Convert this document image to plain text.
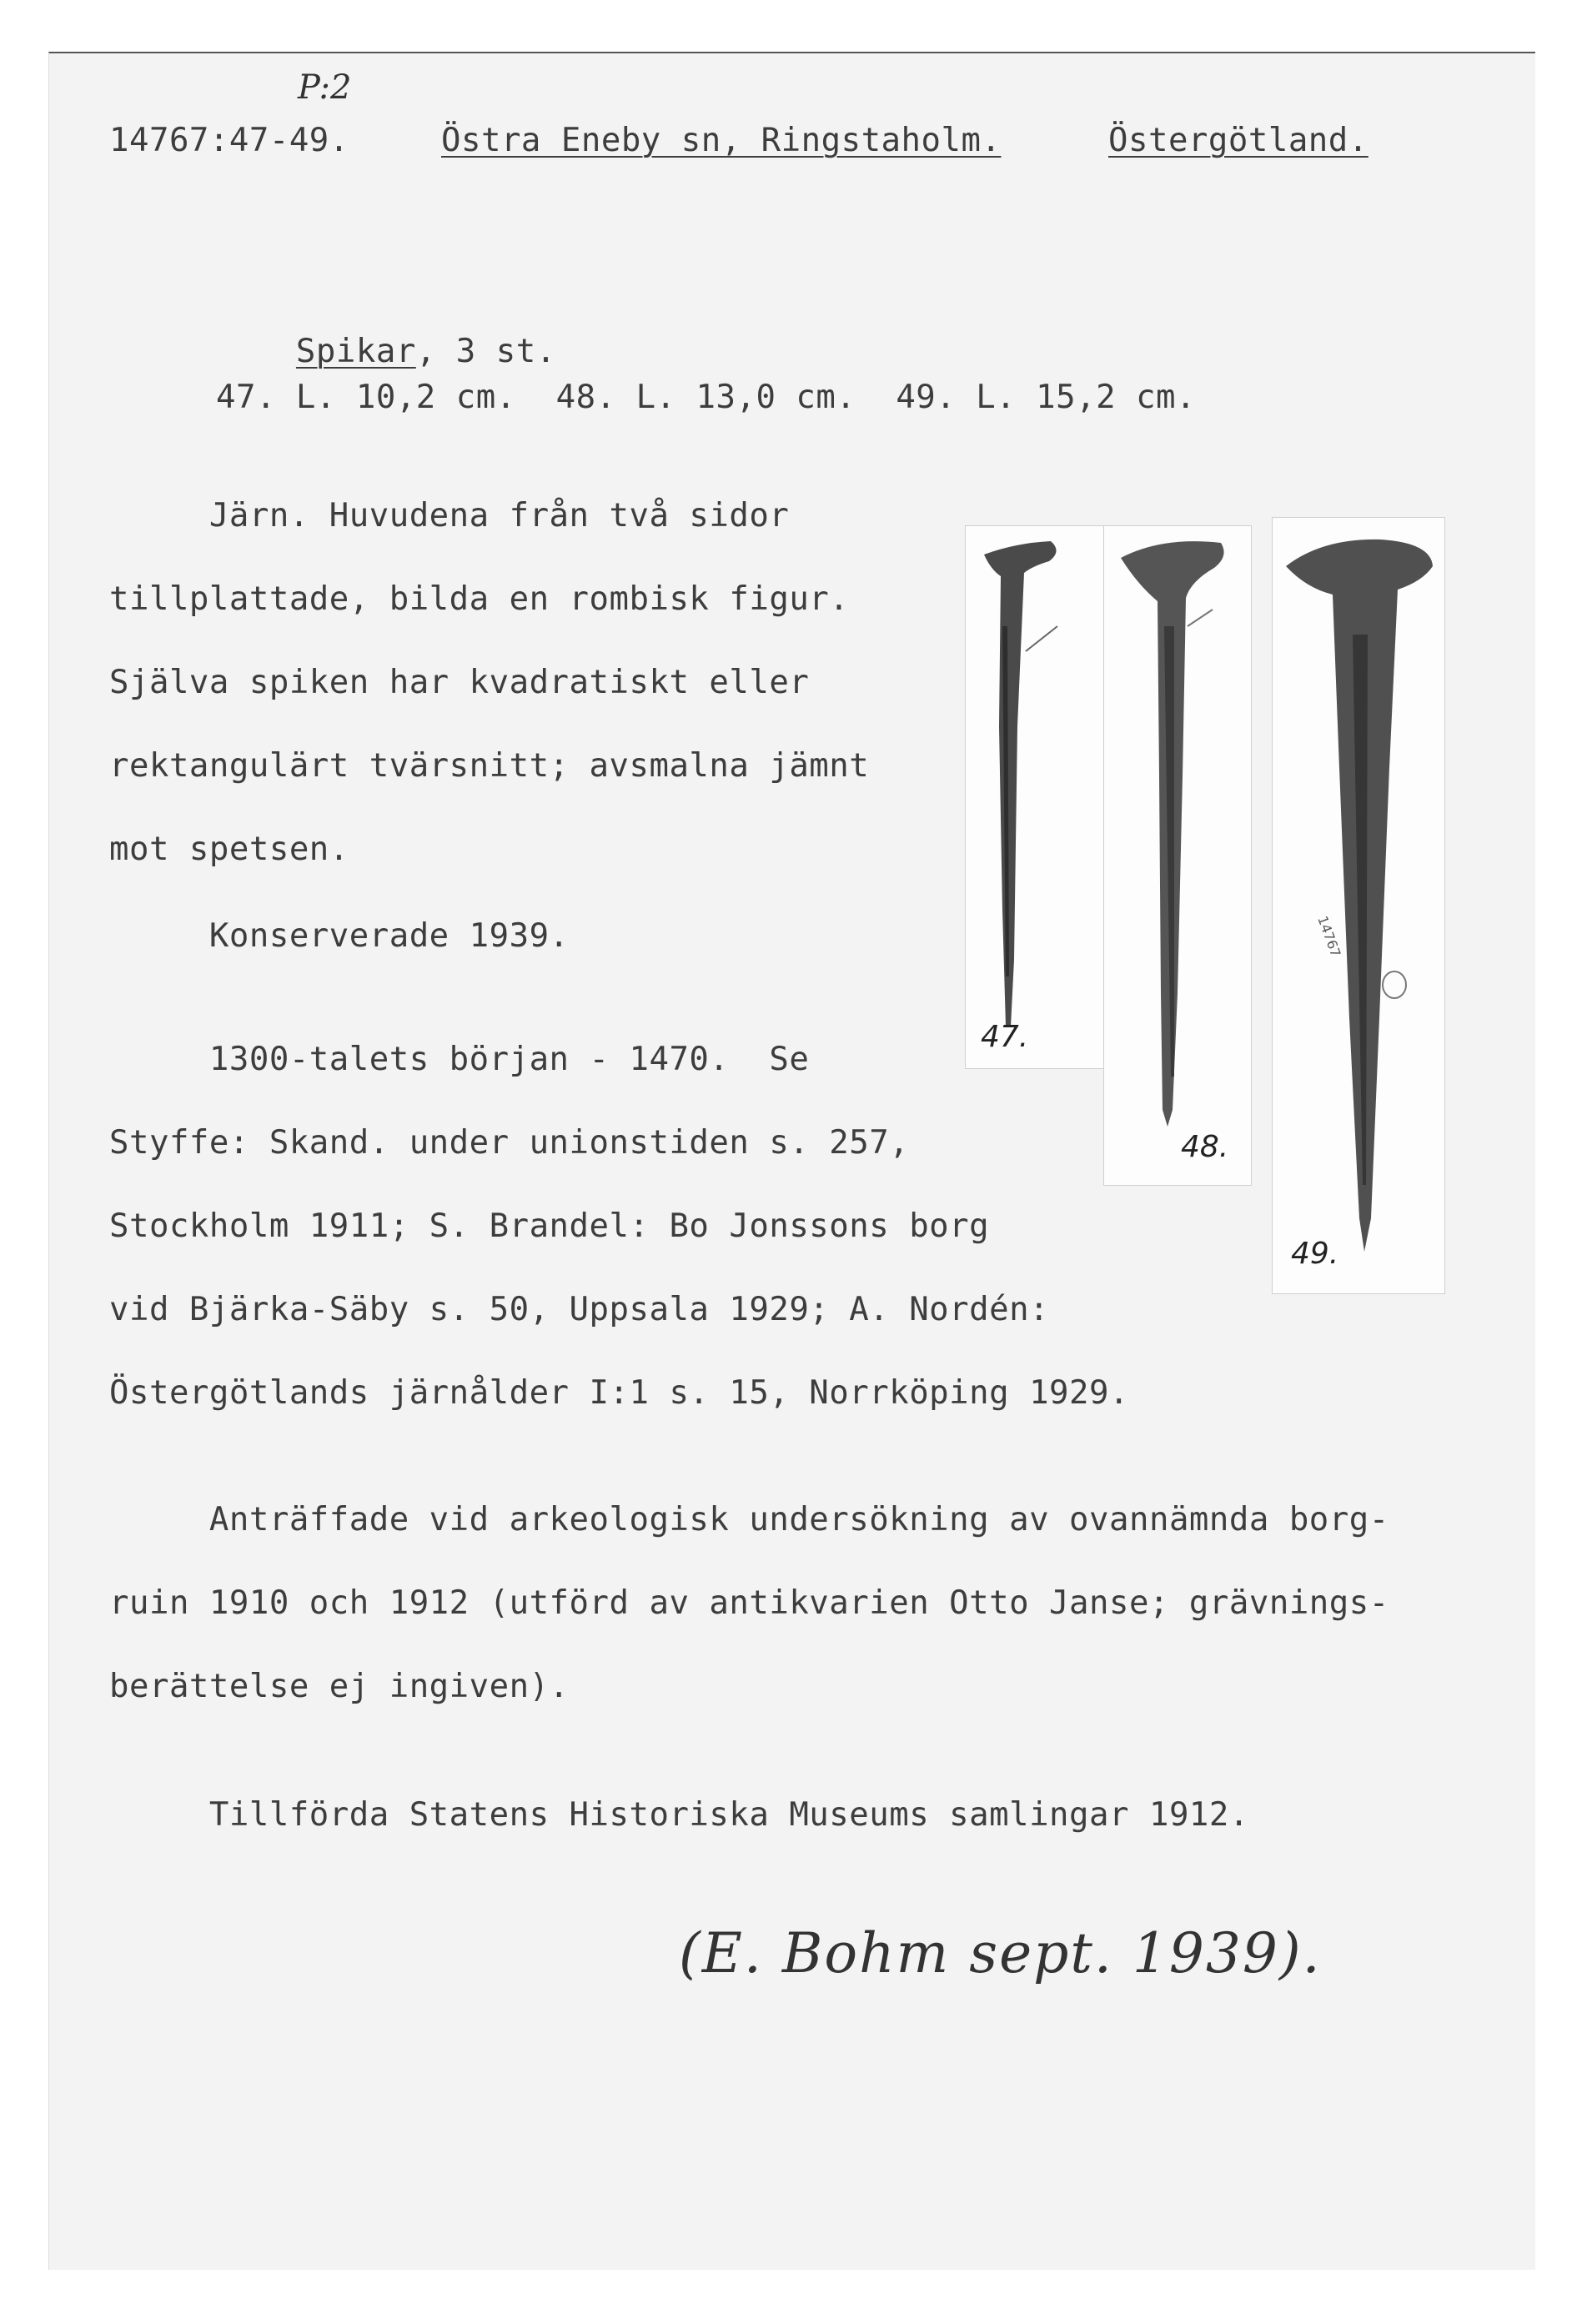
P:2
14767:47-49.	Östra Eneby sn, Ringstaholm.	Östergötland.

Spikar, 3 st.

47. L. 10,2 cm.  48. L. 13,0 cm.  49. L. 15,2 cm.
Järn. Huvudena från två sidor
tillplattade, bilda en rombisk figur.
Själva spiken har kvadratiskt eller
rektangulärt tvärsnitt; avsmalna jämnt
mot spetsen.
Konserverade 1939.
1300-talets början - 1470.  Se
Styffe: Skand. under unionstiden s. 257,
Stockholm 1911; S. Brandel: Bo Jonssons borg
vid Bjärka-Säby s. 50, Uppsala 1929; A. Nordén:
Östergötlands järnålder I:1 s. 15, Norrköping 1929.
Anträffade vid arkeologisk undersökning av ovannämnda borg-
ruin 1910 och 1912 (utförd av antikvarien Otto Janse; grävnings-
berättelse ej ingiven).
Tillförda Statens Historiska Museums samlingar 1912.
(E. Bohm sept. 1939).
47.
48.
14767
49.
